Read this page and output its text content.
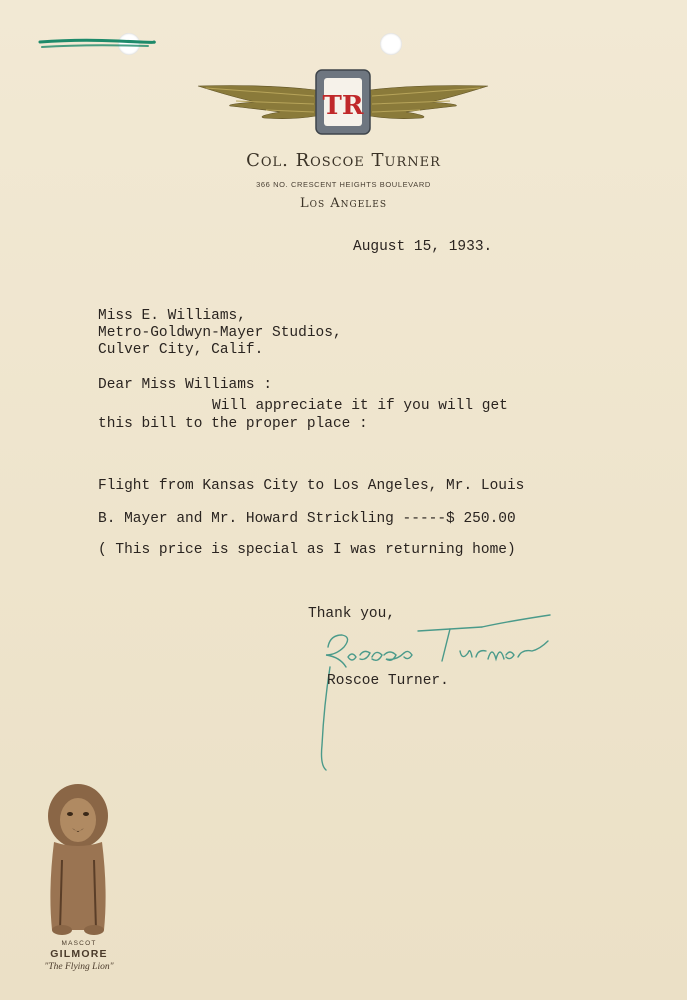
TR
Col. Roscoe Turner
366 NO. CRESCENT HEIGHTS BOULEVARD
Los Angeles
August 15, 1933.
Miss E. Williams,
Metro-Goldwyn-Mayer Studios,
Culver City, Calif.
Dear Miss Williams :
Will appreciate it if you will get
this bill to the proper place :
Flight from Kansas City to Los Angeles, Mr. Louis
B. Mayer and Mr. Howard Strickling -----$ 250.00
( This price is special as I was returning home)
Thank you,
Roscoe Turner.
MASCOT
GILMORE
"The Flying Lion"
